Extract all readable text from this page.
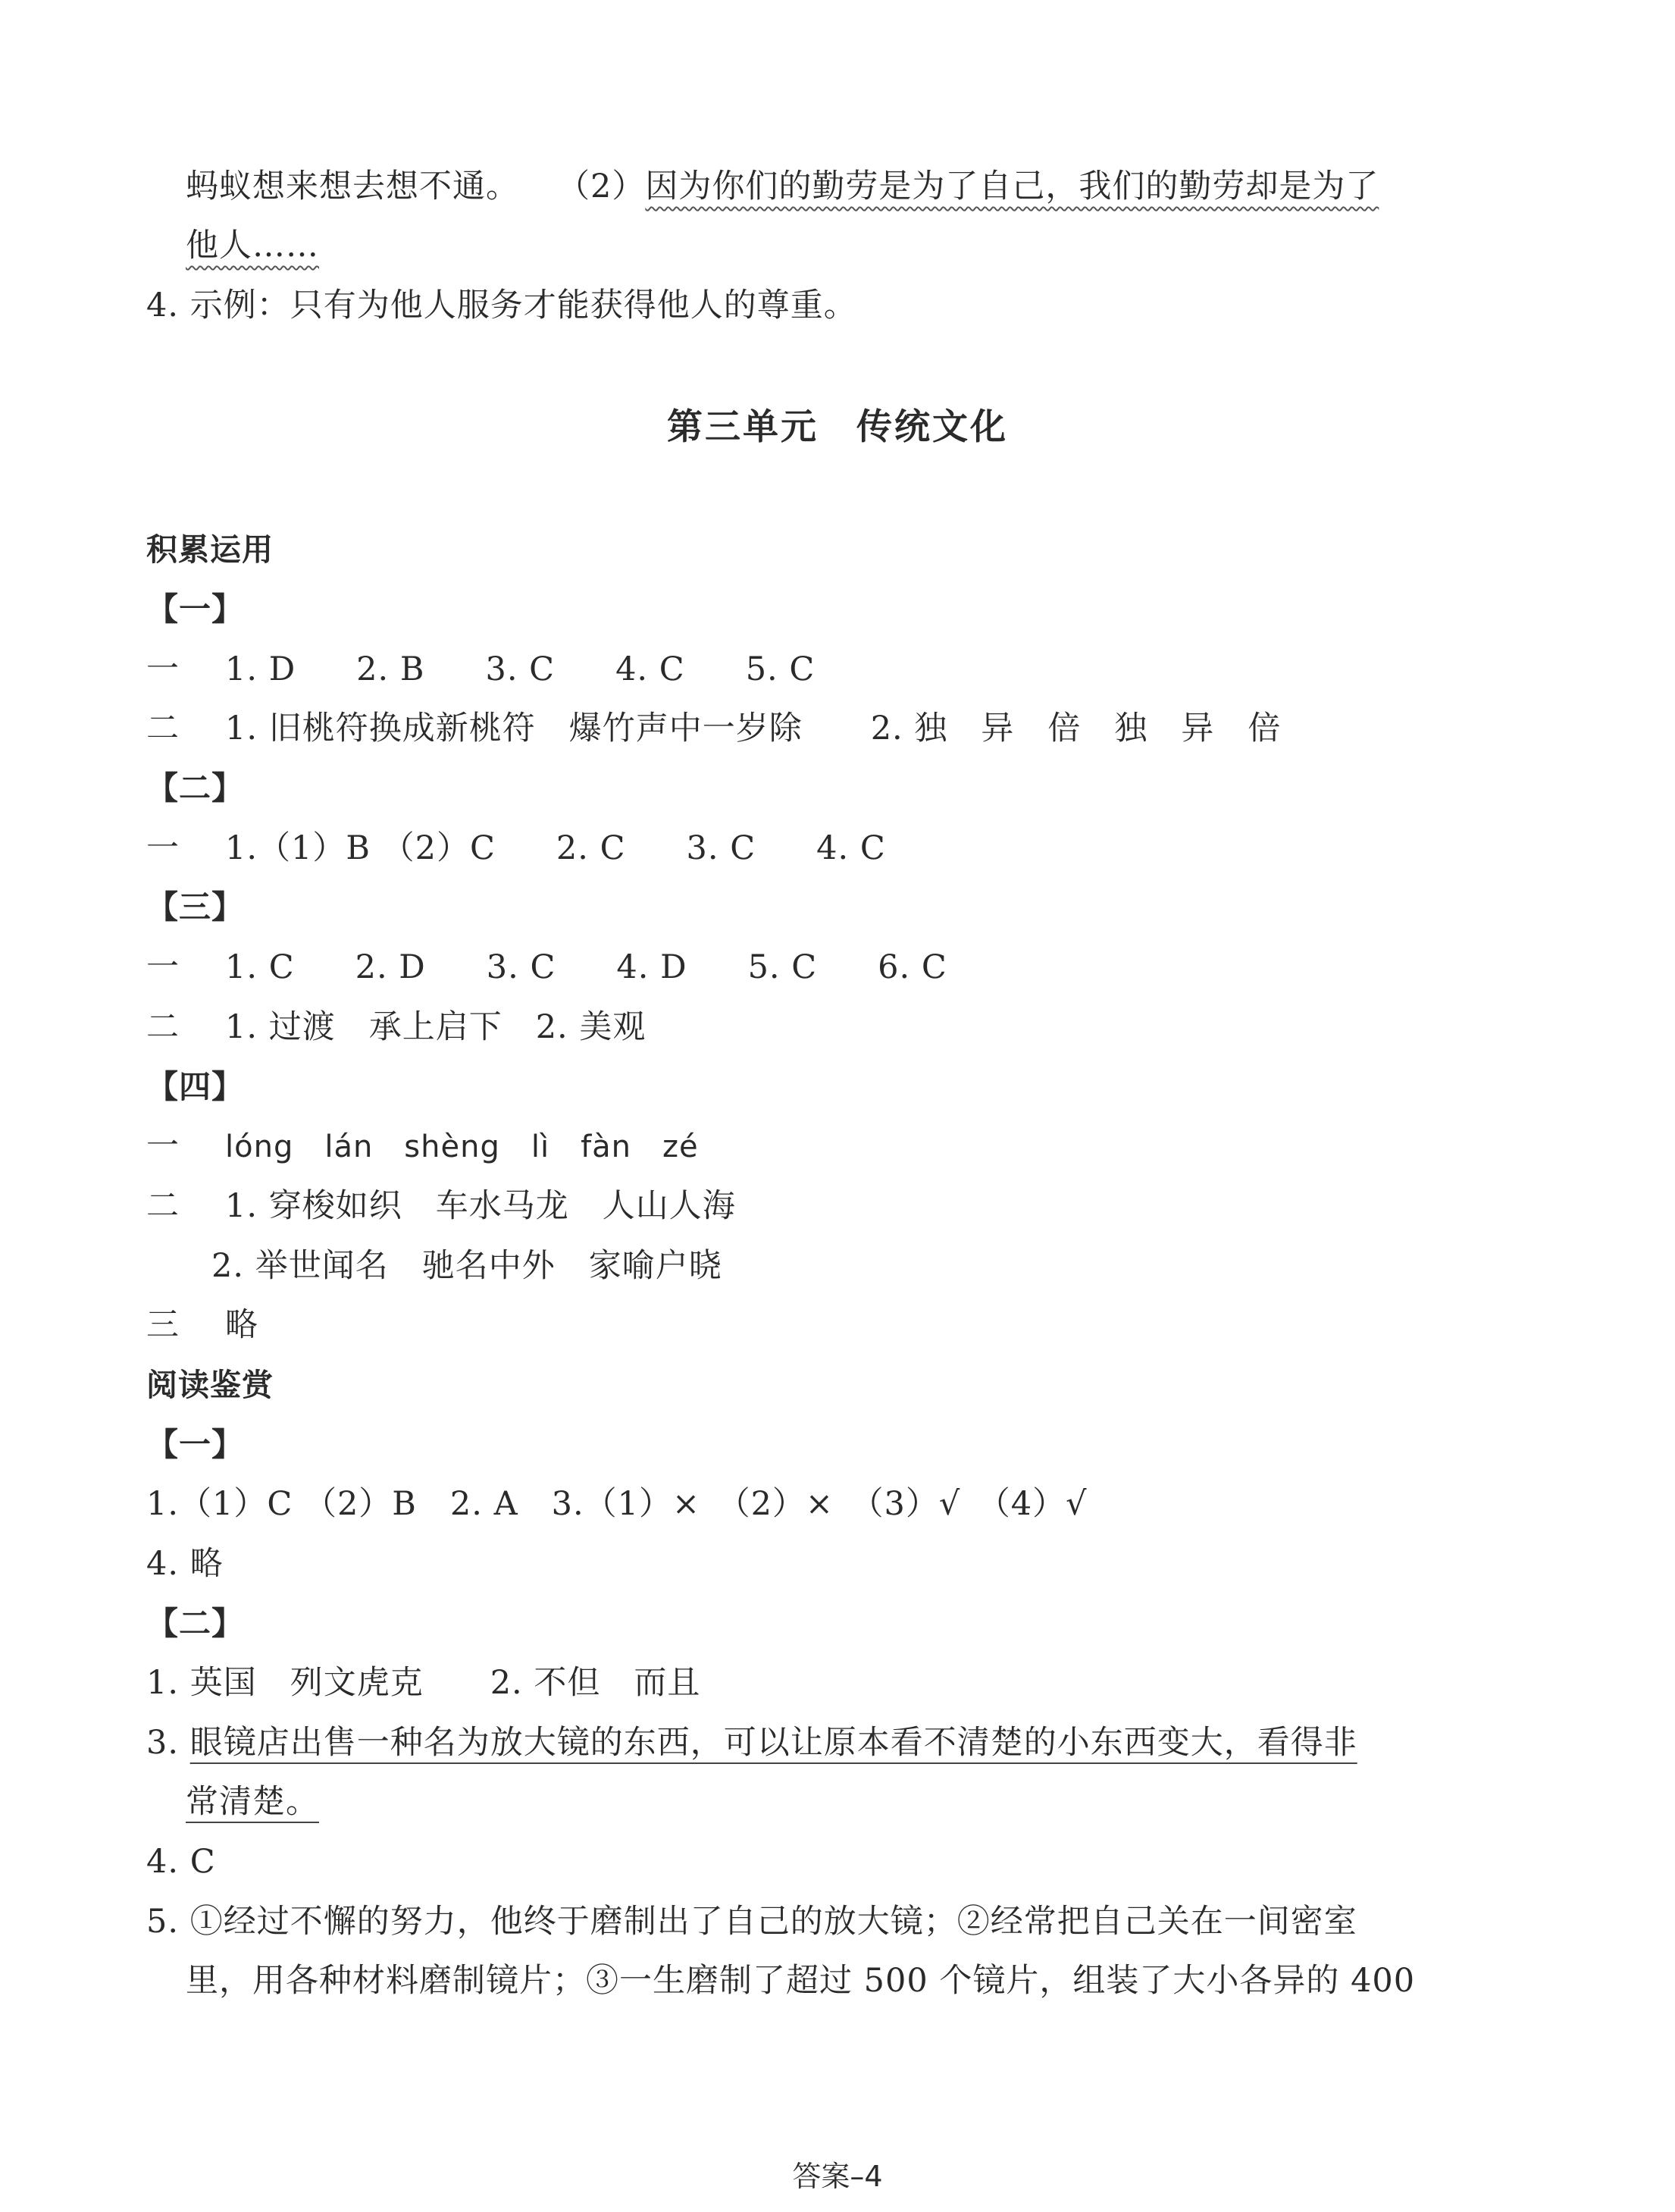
蚂蚁想来想去想不通。 （2）因为你们的勤劳是为了自己，我们的勤劳却是为了
他人……
4. 示例：只有为他人服务才能获得他人的尊重。
第三单元　传统文化
积累运用
【一】
一 1. D 2. B 3. C 4. C 5. C
二 1. 旧桃符换成新桃符　爆竹声中一岁除 2. 独　异　倍　独　异　倍
【二】
一 1.（1）B （2）C 2. C 3. C 4. C
【三】
一 1. C 2. D 3. C 4. D 5. C 6. C
二 1. 过渡　承上启下　2. 美观
【四】
一 lóng　lán　shèng　lì　fàn　zé
二 1. 穿梭如织　车水马龙　人山人海
2. 举世闻名　驰名中外　家喻户晓
三 略
阅读鉴赏
【一】
1.（1）C （2）B　2. A　3.（1）×　（2）×　（3）√　（4）√
4. 略
【二】
1. 英国　列文虎克　　2. 不但　而且
3. 眼镜店出售一种名为放大镜的东西，可以让原本看不清楚的小东西变大，看得非
常清楚。
4. C
5. ①经过不懈的努力，他终于磨制出了自己的放大镜；②经常把自己关在一间密室
里，用各种材料磨制镜片；③一生磨制了超过 500 个镜片，组装了大小各异的 400
答案–4
